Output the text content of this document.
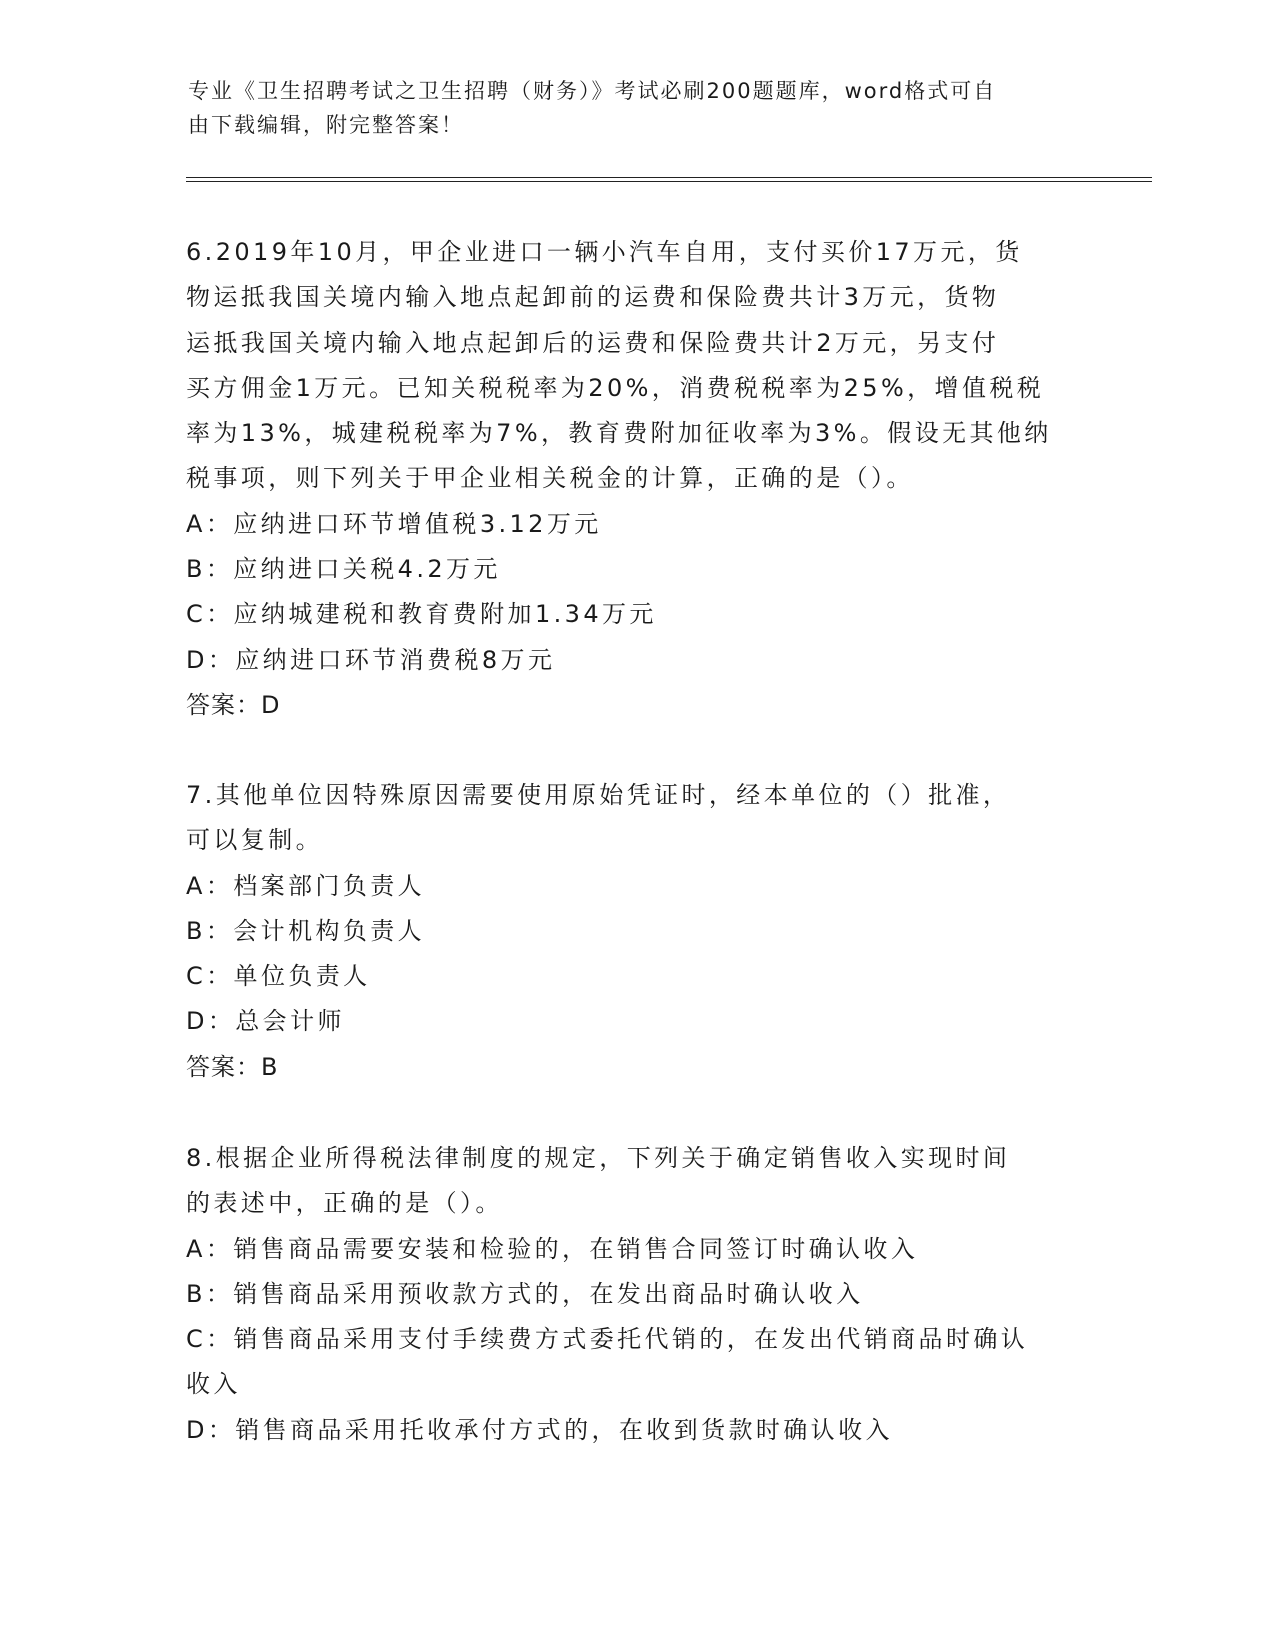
专业《卫生招聘考试之卫生招聘（财务）》考试必刷200题题库，word格式可自
由下载编辑，附完整答案！
6.2019年10月，甲企业进口一辆小汽车自用，支付买价17万元，货
物运抵我国关境内输入地点起卸前的运费和保险费共计3万元，货物
运抵我国关境内输入地点起卸后的运费和保险费共计2万元，另支付
买方佣金1万元。已知关税税率为20%，消费税税率为25%，增值税税
率为13%，城建税税率为7%，教育费附加征收率为3%。假设无其他纳
税事项，则下列关于甲企业相关税金的计算，正确的是（）。
A：应纳进口环节增值税3.12万元
B：应纳进口关税4.2万元
C：应纳城建税和教育费附加1.34万元
D：应纳进口环节消费税8万元
答案：D
7.其他单位因特殊原因需要使用原始凭证时，经本单位的（）批准，
可以复制。
A：档案部门负责人
B：会计机构负责人
C：单位负责人
D：总会计师
答案：B
8.根据企业所得税法律制度的规定，下列关于确定销售收入实现时间
的表述中，正确的是（）。
A：销售商品需要安装和检验的，在销售合同签订时确认收入
B：销售商品采用预收款方式的，在发出商品时确认收入
C：销售商品采用支付手续费方式委托代销的，在发出代销商品时确认
收入
D：销售商品采用托收承付方式的，在收到货款时确认收入
